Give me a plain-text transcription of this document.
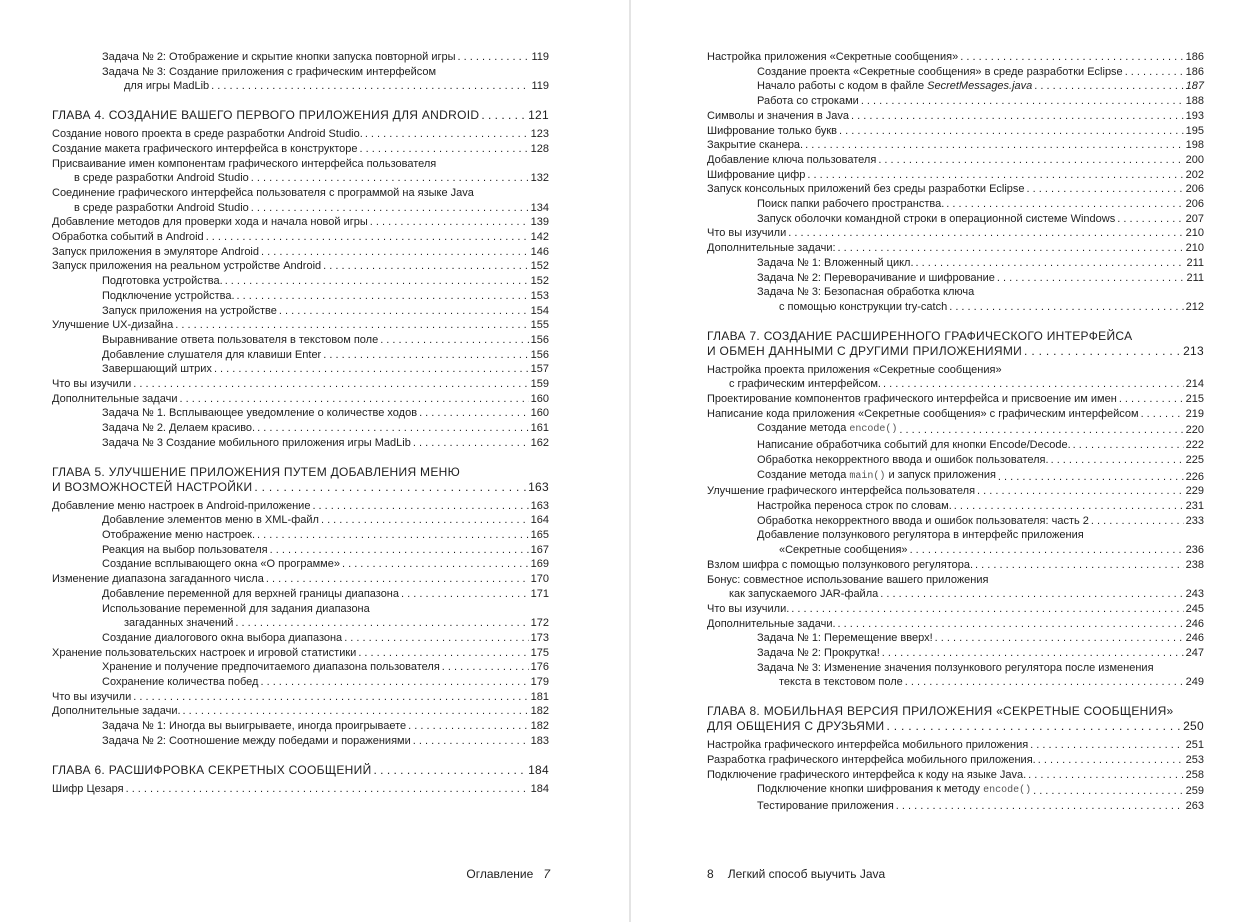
Задача № 2: Отображение и скрытие кнопки запуска повторной игры . . .	119
Задача № 3: Создание приложения с графическим интерфейсом
для игры MadLib . . .	119
ГЛАВА 4. СОЗДАНИЕ ВАШЕГО ПЕРВОГО ПРИЛОЖЕНИЯ ДЛЯ ANDROID . . .	121
Создание нового проекта в среде разработки Android Studio. . . .	123
Создание макета графического интерфейса в конструкторе . . .	128
Присваивание имен компонентам графического интерфейса пользователя
в среде разработки Android Studio . . .	132
Соединение графического интерфейса пользователя с программой на языке Java
в среде разработки Android Studio . . .	134
Добавление методов для проверки хода и начала новой игры . . .	139
Обработка событий в Android . . .	142
Запуск приложения в эмуляторе Android . . .	146
Запуск приложения на реальном устройстве Android . . .	152
Подготовка устройства. . . .	152
Подключение устройства. . . .	153
Запуск приложения на устройстве . . .	154
Улучшение UX-дизайна . . .	155
Выравнивание ответа пользователя в текстовом поле . . .	156
Добавление слушателя для клавиши Enter . . .	156
Завершающий штрих . . .	157
Что вы изучили . . .	159
Дополнительные задачи . . .	160
Задача № 1. Всплывающее уведомление о количестве ходов . . .	160
Задача № 2. Делаем красиво. . . .	161
Задача № 3 Создание мобильного приложения игры MadLib . . .	162
ГЛАВА 5. УЛУЧШЕНИЕ ПРИЛОЖЕНИЯ ПУТЕМ ДОБАВЛЕНИЯ МЕНЮ
И ВОЗМОЖНОСТЕЙ НАСТРОЙКИ . . .	163
Добавление меню настроек в Android-приложение . . .	163
Добавление элементов меню в XML-файл . . .	164
Отображение меню настроек. . . .	165
Реакция на выбор пользователя . . .	167
Создание всплывающего окна «О программе» . . .	169
Изменение диапазона загаданного числа . . .	170
Добавление переменной для верхней границы диапазона . . .	171
Использование переменной для задания диапазона
загаданных значений . . .	172
Создание диалогового окна выбора диапазона . . .	173
Хранение пользовательских настроек и игровой статистики . . .	175
Хранение и получение предпочитаемого диапазона пользователя . . .	176
Сохранение количества побед . . .	179
Что вы изучили . . .	181
Дополнительные задачи. . . .	182
Задача № 1: Иногда вы выигрываете, иногда проигрываете . . .	182
Задача № 2: Соотношение между победами и поражениями . . .	183
ГЛАВА 6. РАСШИФРОВКА СЕКРЕТНЫХ СООБЩЕНИЙ . . .	184
Шифр Цезаря . . .	184
Оглавление 7
Настройка приложения «Секретные сообщения» . . .	186
Создание проекта «Секретные сообщения» в среде разработки Eclipse . . .	186
Начало работы с кодом в файле SecretMessages.java . . .	187
Работа со строками . . .	188
Символы и значения в Java . . .	193
Шифрование только букв . . .	195
Закрытие сканера. . . .	198
Добавление ключа пользователя . . .	200
Шифрование цифр . . .	202
Запуск консольных приложений без среды разработки Eclipse . . .	206
Поиск папки рабочего пространства. . . .	206
Запуск оболочки командной строки в операционной системе Windows . . .	207
Что вы изучили . . .	210
Дополнительные задачи: . . .	210
Задача № 1: Вложенный цикл. . . .	211
Задача № 2: Переворачивание и шифрование . . .	211
Задача № 3: Безопасная обработка ключа
с помощью конструкции try-catch . . .	212
ГЛАВА 7. СОЗДАНИЕ РАСШИРЕННОГО ГРАФИЧЕСКОГО ИНТЕРФЕЙСА
И ОБМЕН ДАННЫМИ С ДРУГИМИ ПРИЛОЖЕНИЯМИ . . .	213
Настройка проекта приложения «Секретные сообщения»
с графическим интерфейсом. . . .	214
Проектирование компонентов графического интерфейса и присвоение им имен . . .	215
Написание кода приложения «Секретные сообщения» с графическим интерфейсом . . .	219
Создание метода encode() . . .	220
Написание обработчика событий для кнопки Encode/Decode. . . .	222
Обработка некорректного ввода и ошибок пользователя. . . .	225
Создание метода main() и запуск приложения . . .	226
Улучшение графического интерфейса пользователя . . .	229
Настройка переноса строк по словам. . . .	231
Обработка некорректного ввода и ошибок пользователя: часть 2 . . .	233
Добавление ползункового регулятора в интерфейс приложения
«Секретные сообщения» . . .	236
Взлом шифра с помощью ползункового регулятора. . . .	238
Бонус: совместное использование вашего приложения
как запускаемого JAR-файла . . .	243
Что вы изучили. . . .	245
Дополнительные задачи. . . .	246
Задача № 1: Перемещение вверх! . . .	246
Задача № 2: Прокрутка! . . .	247
Задача № 3: Изменение значения ползункового регулятора после изменения
текста в текстовом поле . . .	249
ГЛАВА 8. МОБИЛЬНАЯ ВЕРСИЯ ПРИЛОЖЕНИЯ «СЕКРЕТНЫЕ СООБЩЕНИЯ»
ДЛЯ ОБЩЕНИЯ С ДРУЗЬЯМИ . . .	250
Настройка графического интерфейса мобильного приложения . . .	251
Разработка графического интерфейса мобильного приложения. . . .	253
Подключение графического интерфейса к коду на языке Java. . . .	258
Подключение кнопки шифрования к методу encode() . . .	259
Тестирование приложения . . .	263
8 Легкий способ выучить Java
